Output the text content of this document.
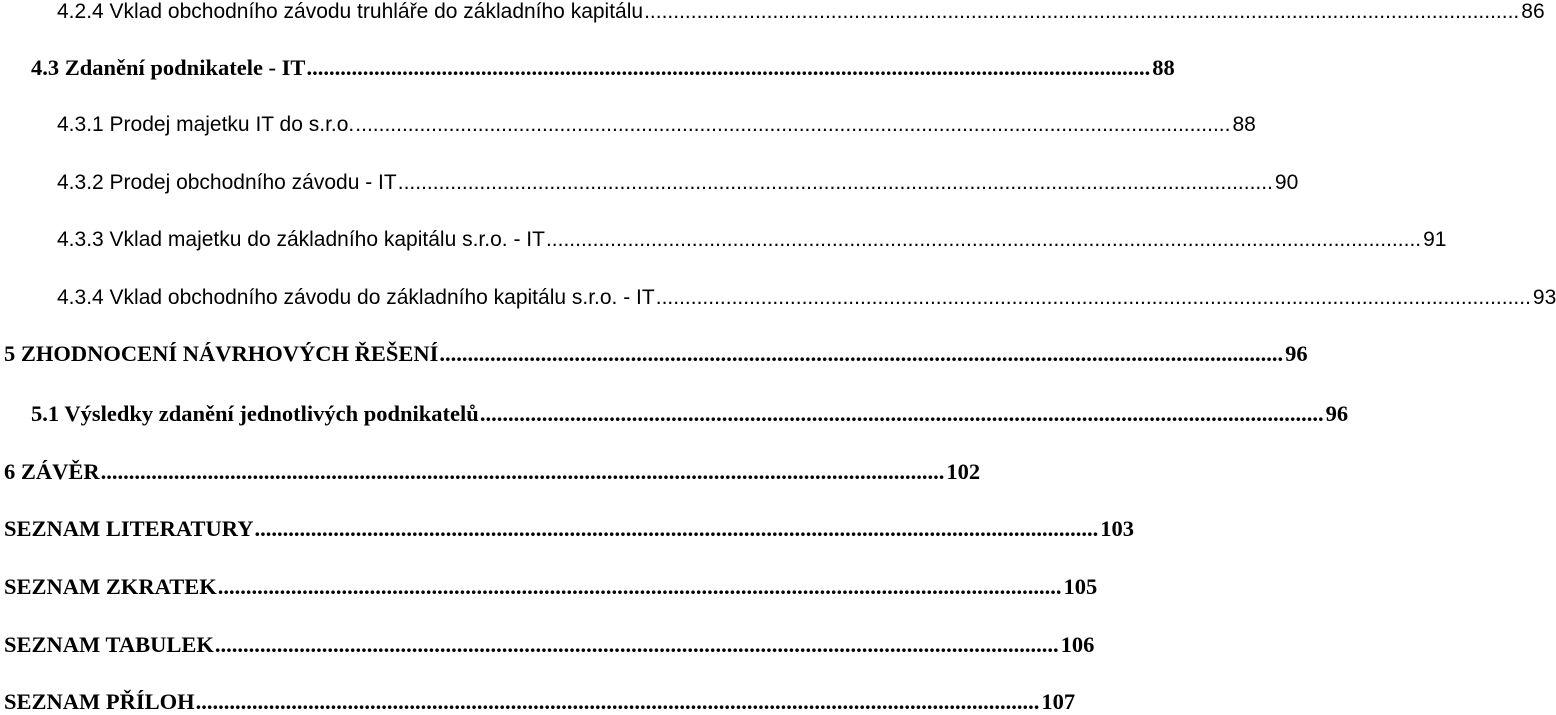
4.2.4 Vklad obchodního závodu truhláře do základního kapitálu ...................................................................................................................................................... 86
4.3 Zdanění podnikatele - IT ...................................................................................................................................................... 88
4.3.1 Prodej majetku IT do s.r.o. ...................................................................................................................................................... 88
4.3.2 Prodej obchodního závodu - IT ...................................................................................................................................................... 90
4.3.3 Vklad majetku do základního kapitálu s.r.o. - IT ...................................................................................................................................................... 91
4.3.4 Vklad obchodního závodu do základního kapitálu s.r.o. - IT ...................................................................................................................................................... 93
5 ZHODNOCENÍ NÁVRHOVÝCH ŘEŠENÍ ...................................................................................................................................................... 96
5.1 Výsledky zdanění jednotlivých podnikatelů ...................................................................................................................................................... 96
6 ZÁVĚR ...................................................................................................................................................... 102
SEZNAM LITERATURY ...................................................................................................................................................... 103
SEZNAM ZKRATEK ...................................................................................................................................................... 105
SEZNAM TABULEK ...................................................................................................................................................... 106
SEZNAM PŘÍLOH ...................................................................................................................................................... 107
